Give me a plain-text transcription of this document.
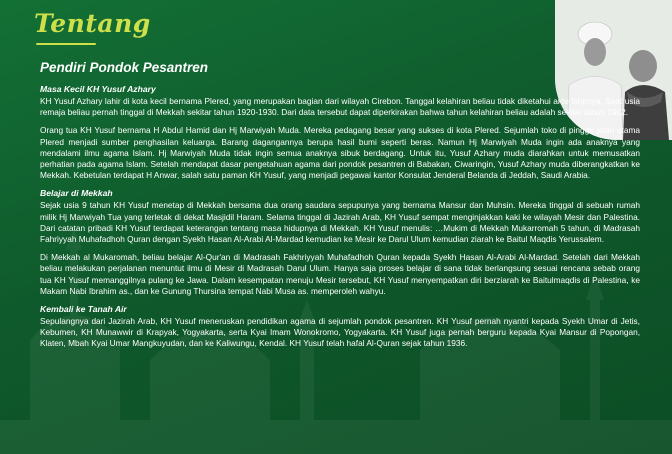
Tentang
Pendiri Pondok Pesantren
Masa Kecil KH Yusuf Azhary

KH Yusuf Azhary lahir di kota kecil bernama Plered, yang merupakan bagian dari wilayah Cirebon. Tanggal kelahiran beliau tidak diketahui akte lahirnya. Saat usia remaja beliau pernah tinggal di Mekkah sekitar tahun 1920-1930. Dari data tersebut dapat diperkirakan bahwa tahun kelahiran beliau adalah sekitar tahun 1912.

Orang tua KH Yusuf bernama H Abdul Hamid dan Hj Marwiyah Muda. Mereka pedagang besar yang sukses di kota Plered. Sejumlah toko di pinggir jalan utama Plered menjadi sumber penghasilan keluarga. Barang dagangannya berupa hasil bumi seperti beras. Namun Hj Marwiyah Muda ingin ada anaknya yang mendalami ilmu agama Islam. Hj Marwiyah Muda tidak ingin semua anaknya sibuk berdagang. Untuk itu, Yusuf Azhary muda diarahkan untuk memusatkan perhatian pada agama Islam. Setelah mendapat dasar pengetahuan agama dari pondok pesantren di Babakan, Ciwaringin, Yusuf Azhary muda diberangkatkan ke Mekkah. Kebetulan terdapat H Anwar, salah satu paman KH Yusuf, yang menjadi pegawai kantor Konsulat Jenderal Belanda di Jeddah, Saudi Arabia.

Belajar di Mekkah

Sejak usia 9 tahun KH Yusuf menetap di Mekkah bersama dua orang saudara sepupunya yang bernama Mansur dan Muhsin. Mereka tinggal di sebuah rumah milik Hj Marwiyah Tua yang terletak di dekat Masjidil Haram. Selama tinggal di Jazirah Arab, KH Yusuf sempat menginjakkan kaki ke wilayah Mesir dan Palestina. Dari catatan pribadi KH Yusuf terdapat keterangan tentang masa hidupnya di Mekkah. KH Yusuf menulis: …Mukim di Mekkah Mukarromah 5 tahun, di Madrasah Fahriyyah Muhafadhoh Quran dengan Syekh Hasan Al-Arabi Al-Mardad kemudian ke Mesir ke Darul Ulum kemudian ziarah ke Baitul Maqdis Yerussalem.

Di Mekkah al Mukaromah, beliau belajar Al-Qur'an di Madrasah Fakhriyyah Muhafadhoh Quran kepada Syekh Hasan Al-Arabi Al-Mardad. Setelah dari Mekkah beliau melakukan perjalanan menuntut ilmu di Mesir di Madrasah Darul Ulum. Hanya saja proses belajar di sana tidak berlangsung sesuai rencana sebab orang tua KH Yusuf memanggilnya pulang ke Jawa. Dalam kesempatan menuju Mesir tersebut, KH Yusuf menyempatkan diri berziarah ke Baitulmaqdis di Palestina, ke Makam Nabi Ibrahim as., dan ke Gunung Thursina tempat Nabi Musa as. memperoleh wahyu.

Kembali ke Tanah Air

Sepulangnya dari Jazirah Arab, KH Yusuf meneruskan pendidikan agama di sejumlah pondok pesantren. KH Yusuf pernah nyantri kepada Syekh Umar di Jetis, Kebumen, KH Munawwir di Krapyak, Yogyakarta, serta Kyai Imam Wonokromo, Yogyakarta. KH Yusuf juga pernah berguru kepada Kyai Mansur di Popongan, Klaten, Mbah Kyai Umar Mangkuyudan, dan ke Kaliwungu, Kendal. KH Yusuf telah hafal Al-Quran sejak tahun 1936.
